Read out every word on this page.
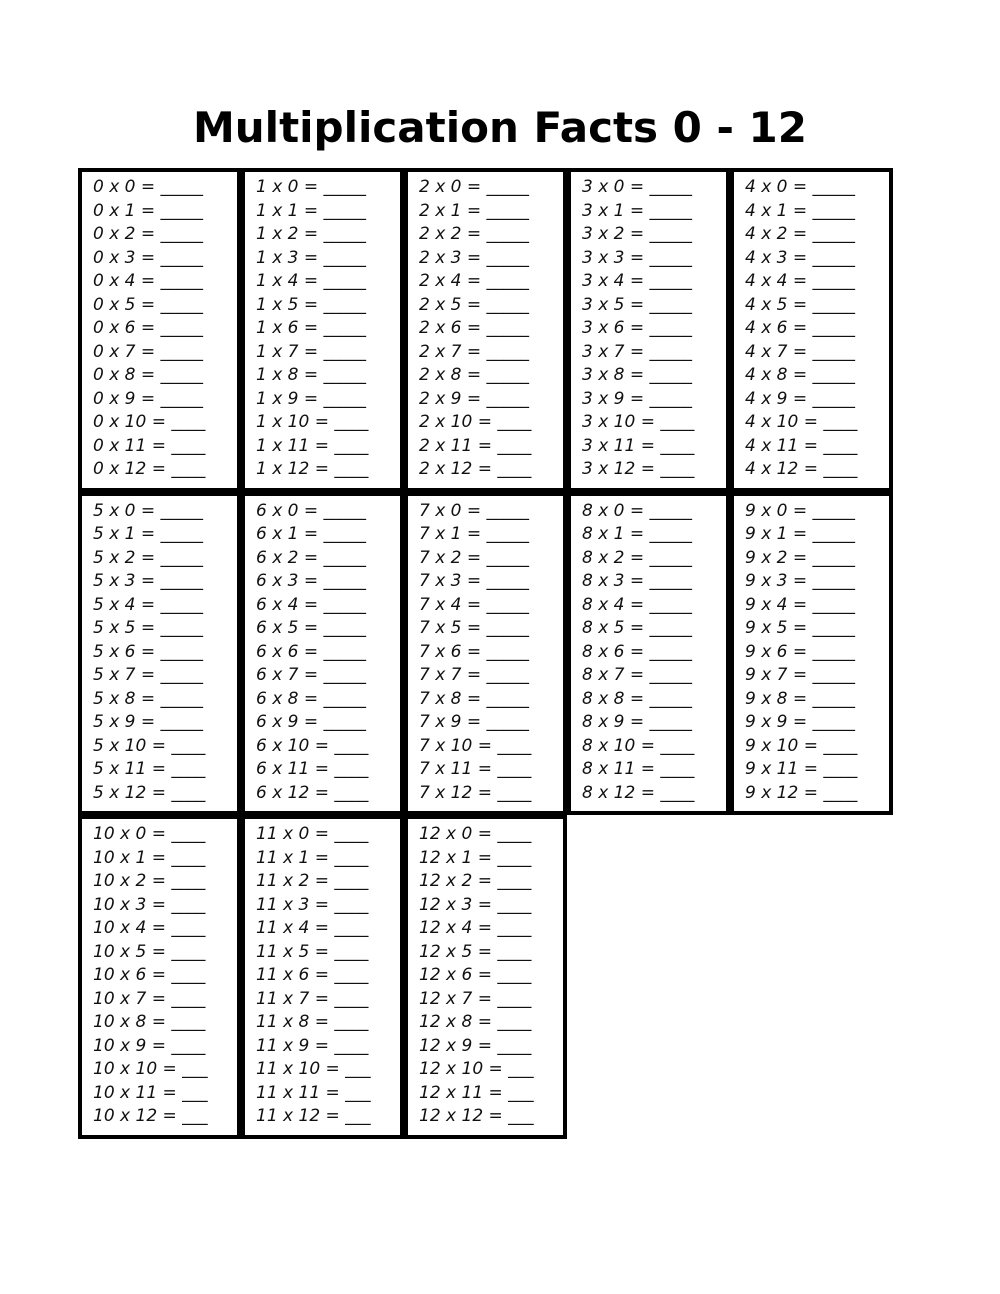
Multiplication Facts 0 - 12
0 x 0 = _____
0 x 1 = _____
0 x 2 = _____
0 x 3 = _____
0 x 4 = _____
0 x 5 = _____
0 x 6 = _____
0 x 7 = _____
0 x 8 = _____
0 x 9 = _____
0 x 10 = ____
0 x 11 = ____
0 x 12 = ____
1 x 0 = _____
1 x 1 = _____
1 x 2 = _____
1 x 3 = _____
1 x 4 = _____
1 x 5 = _____
1 x 6 = _____
1 x 7 = _____
1 x 8 = _____
1 x 9 = _____
1 x 10 = ____
1 x 11 = ____
1 x 12 = ____
2 x 0 = _____
2 x 1 = _____
2 x 2 = _____
2 x 3 = _____
2 x 4 = _____
2 x 5 = _____
2 x 6 = _____
2 x 7 = _____
2 x 8 = _____
2 x 9 = _____
2 x 10 = ____
2 x 11 = ____
2 x 12 = ____
3 x 0 = _____
3 x 1 = _____
3 x 2 = _____
3 x 3 = _____
3 x 4 = _____
3 x 5 = _____
3 x 6 = _____
3 x 7 = _____
3 x 8 = _____
3 x 9 = _____
3 x 10 = ____
3 x 11 = ____
3 x 12 = ____
4 x 0 = _____
4 x 1 = _____
4 x 2 = _____
4 x 3 = _____
4 x 4 = _____
4 x 5 = _____
4 x 6 = _____
4 x 7 = _____
4 x 8 = _____
4 x 9 = _____
4 x 10 = ____
4 x 11 = ____
4 x 12 = ____
5 x 0 = _____
5 x 1 = _____
5 x 2 = _____
5 x 3 = _____
5 x 4 = _____
5 x 5 = _____
5 x 6 = _____
5 x 7 = _____
5 x 8 = _____
5 x 9 = _____
5 x 10 = ____
5 x 11 = ____
5 x 12 = ____
6 x 0 = _____
6 x 1 = _____
6 x 2 = _____
6 x 3 = _____
6 x 4 = _____
6 x 5 = _____
6 x 6 = _____
6 x 7 = _____
6 x 8 = _____
6 x 9 = _____
6 x 10 = ____
6 x 11 = ____
6 x 12 = ____
7 x 0 = _____
7 x 1 = _____
7 x 2 = _____
7 x 3 = _____
7 x 4 = _____
7 x 5 = _____
7 x 6 = _____
7 x 7 = _____
7 x 8 = _____
7 x 9 = _____
7 x 10 = ____
7 x 11 = ____
7 x 12 = ____
8 x 0 = _____
8 x 1 = _____
8 x 2 = _____
8 x 3 = _____
8 x 4 = _____
8 x 5 = _____
8 x 6 = _____
8 x 7 = _____
8 x 8 = _____
8 x 9 = _____
8 x 10 = ____
8 x 11 = ____
8 x 12 = ____
9 x 0 = _____
9 x 1 = _____
9 x 2 = _____
9 x 3 = _____
9 x 4 = _____
9 x 5 = _____
9 x 6 = _____
9 x 7 = _____
9 x 8 = _____
9 x 9 = _____
9 x 10 = ____
9 x 11 = ____
9 x 12 = ____
10 x 0 = ____
10 x 1 = ____
10 x 2 = ____
10 x 3 = ____
10 x 4 = ____
10 x 5 = ____
10 x 6 = ____
10 x 7 = ____
10 x 8 = ____
10 x 9 = ____
10 x 10 = ___
10 x 11 = ___
10 x 12 = ___
11 x 0 = ____
11 x 1 = ____
11 x 2 = ____
11 x 3 = ____
11 x 4 = ____
11 x 5 = ____
11 x 6 = ____
11 x 7 = ____
11 x 8 = ____
11 x 9 = ____
11 x 10 = ___
11 x 11 = ___
11 x 12 = ___
12 x 0 = ____
12 x 1 = ____
12 x 2 = ____
12 x 3 = ____
12 x 4 = ____
12 x 5 = ____
12 x 6 = ____
12 x 7 = ____
12 x 8 = ____
12 x 9 = ____
12 x 10 = ___
12 x 11 = ___
12 x 12 = ___
